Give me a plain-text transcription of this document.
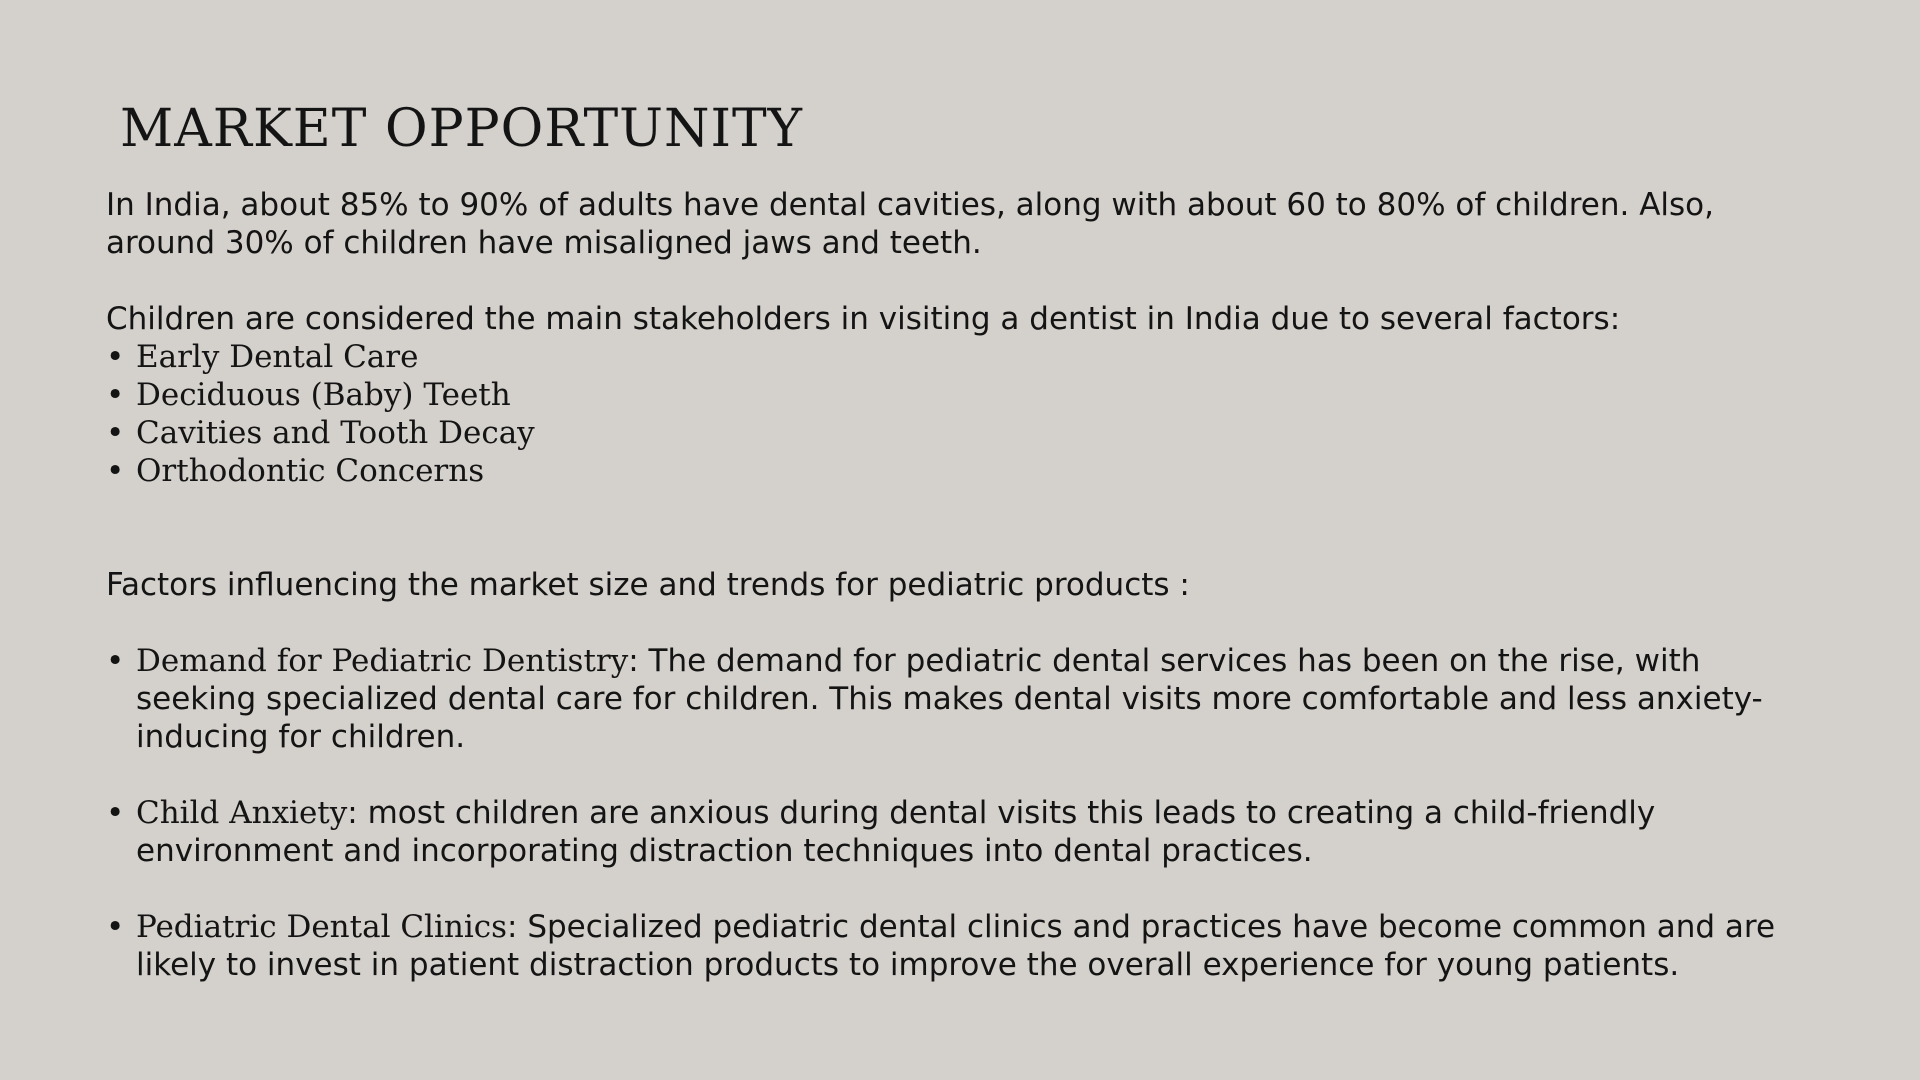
MARKET OPPORTUNITY

In India, about 85% to 90% of adults have dental cavities, along with about 60 to 80% of children. Also, around 30% of children have misaligned jaws and teeth.

Children are considered the main stakeholders in visiting a dentist in India due to several factors:

• Early Dental Care
• Deciduous (Baby) Teeth
• Cavities and Tooth Decay
• Orthodontic Concerns

Factors influencing the market size and trends for pediatric products :

• Demand for Pediatric Dentistry: The demand for pediatric dental services has been on the rise, with seeking specialized dental care for children. This makes dental visits more comfortable and less anxiety-inducing for children.
• Child Anxiety: most children are anxious during dental visits this leads to creating a child-friendly environment and incorporating distraction techniques into dental practices.
• Pediatric Dental Clinics: Specialized pediatric dental clinics and practices have become common and are likely to invest in patient distraction products to improve the overall experience for young patients.
